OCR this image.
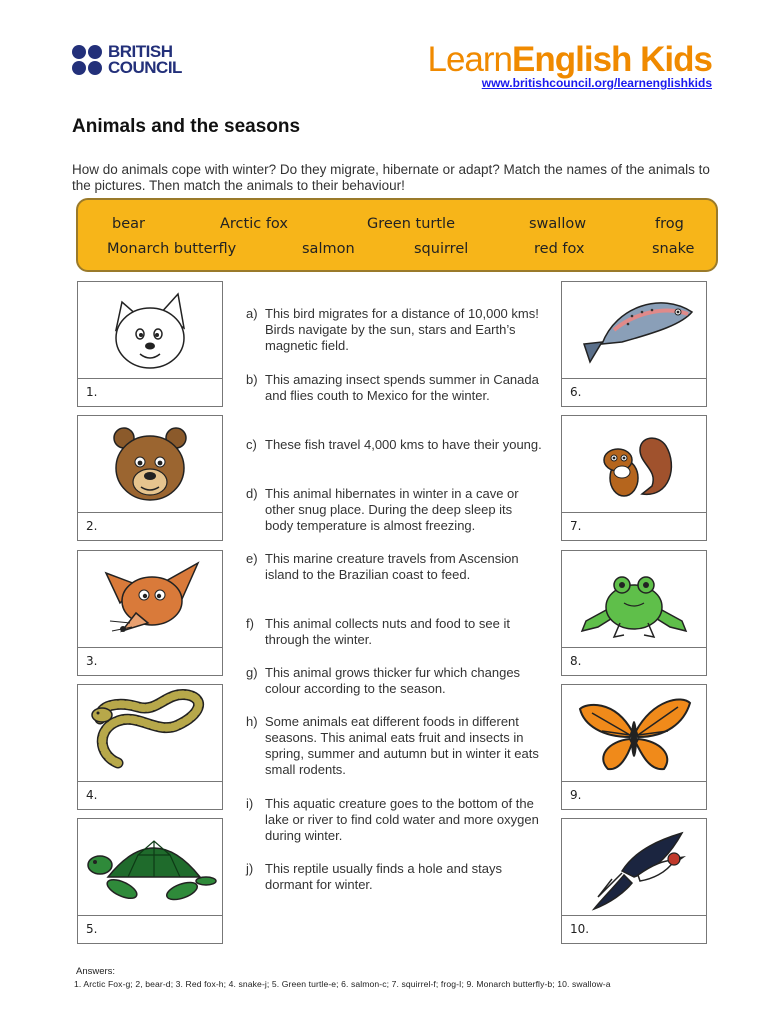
BRITISH
COUNCIL	LearnEnglish Kids
www.britishcouncil.org/learnenglishkids
Animals and the seasons
How do animals cope with winter? Do they migrate, hibernate or adapt? Match the names of the animals to the pictures. Then match the animals to their behaviour!
bear	Arctic fox	Green turtle	swallow	frog
Monarch butterfly	salmon	squirrel	red fox	snake
1.
2.
3.
4.
5.
6.
7.
8.
9.
10.
a) This bird migrates for a distance of 10,000 kms! Birds navigate by the sun, stars and Earth’s magnetic field.
b) This amazing insect spends summer in Canada and flies couth to Mexico for the winter.
c) These fish travel 4,000 kms to have their young.
d) This animal hibernates in winter in a cave or other snug place. During the deep sleep its body temperature is almost freezing.
e) This marine creature travels from Ascension island to the Brazilian coast to feed.
f) This animal collects nuts and food to see it through the winter.
g) This animal grows thicker fur which changes colour according to the season.
h) Some animals eat different foods in different seasons. This animal eats fruit and insects in spring, summer and autumn but in winter it eats small rodents.
i) This aquatic creature goes to the bottom of the lake or river to find cold water and more oxygen during winter.
j) This reptile usually finds a hole and stays dormant for winter.
Answers:
1. Arctic Fox-g; 2, bear-d; 3. Red fox-h; 4. snake-j; 5. Green turtle-e; 6. salmon-c; 7. squirrel-f; frog-I; 9. Monarch butterfly-b; 10. swallow-a
